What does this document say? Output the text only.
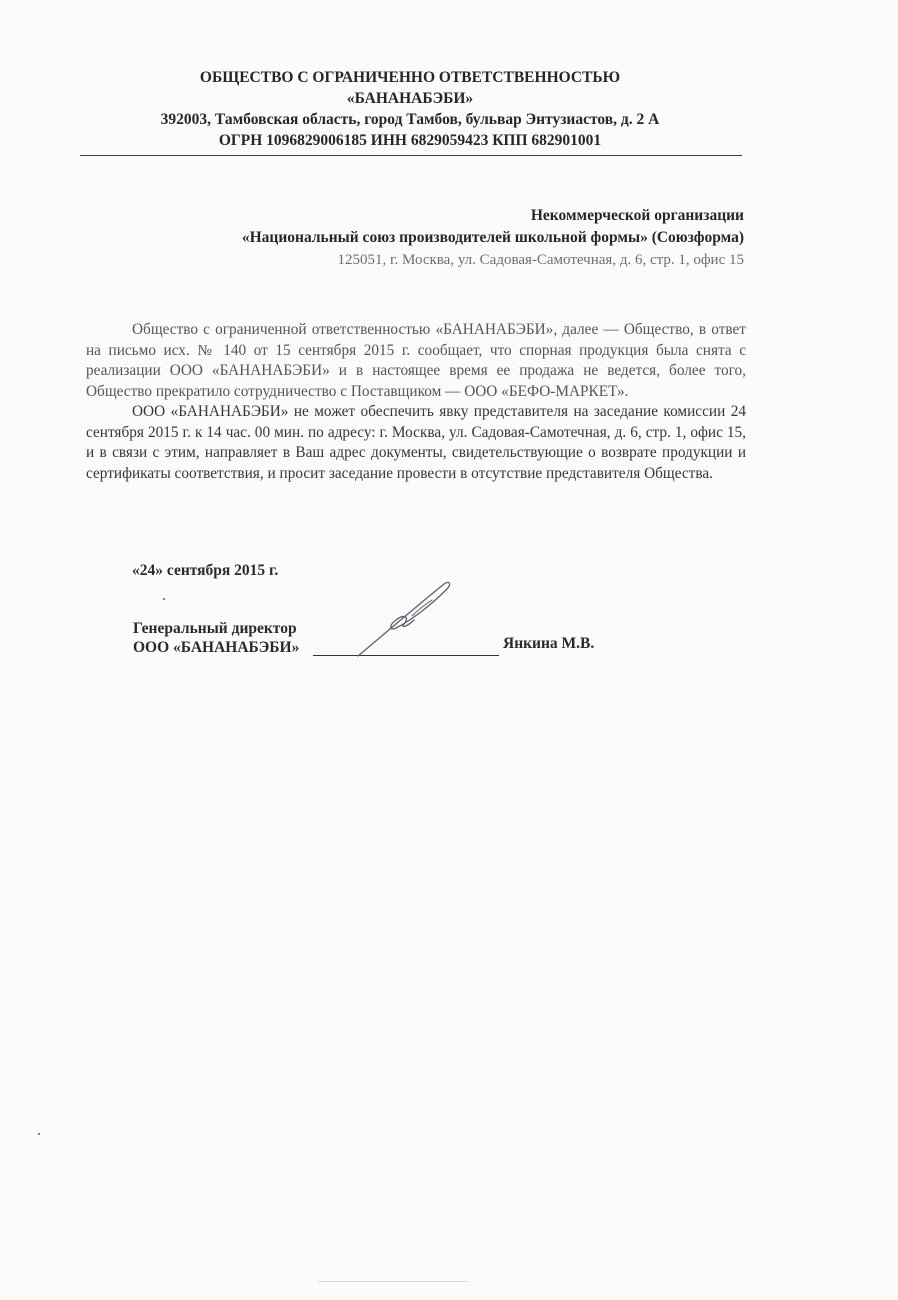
ОБЩЕСТВО С ОГРАНИЧЕННО ОТВЕТСТВЕННОСТЬЮ
«БАНАНАБЭБИ»
392003, Тамбовская область, город Тамбов, бульвар Энтузиастов, д. 2 А
ОГРН 1096829006185 ИНН 6829059423 КПП 682901001
Некоммерческой организации
«Национальный союз производителей школьной формы» (Союзформа)
125051, г. Москва, ул. Садовая-Самотечная, д. 6, стр. 1, офис 15

Общество с ограниченной ответственностью «БАНАНАБЭБИ», далее — Общество, в ответ на письмо исх. № 140 от 15 сентября 2015 г. сообщает, что спорная продукция была снята с реализации ООО «БАНАНАБЭБИ» и в настоящее время ее продажа не ведется, более того, Общество прекратило сотрудничество с Поставщиком — ООО «БЕФО-МАРКЕТ».

ООО «БАНАНАБЭБИ» не может обеспечить явку представителя на заседание комиссии 24 сентября 2015 г. к 14 час. 00 мин. по адресу: г. Москва, ул. Садовая-Самотечная, д. 6, стр. 1, офис 15, и в связи с этим, направляет в Ваш адрес документы, свидетельствующие о возврате продукции и сертификаты соответствия, и просит заседание провести в отсутствие представителя Общества.

«24» сентября 2015 г.
Генеральный директор
ООО «БАНАНАБЭБИ»	Янкина М.В.
